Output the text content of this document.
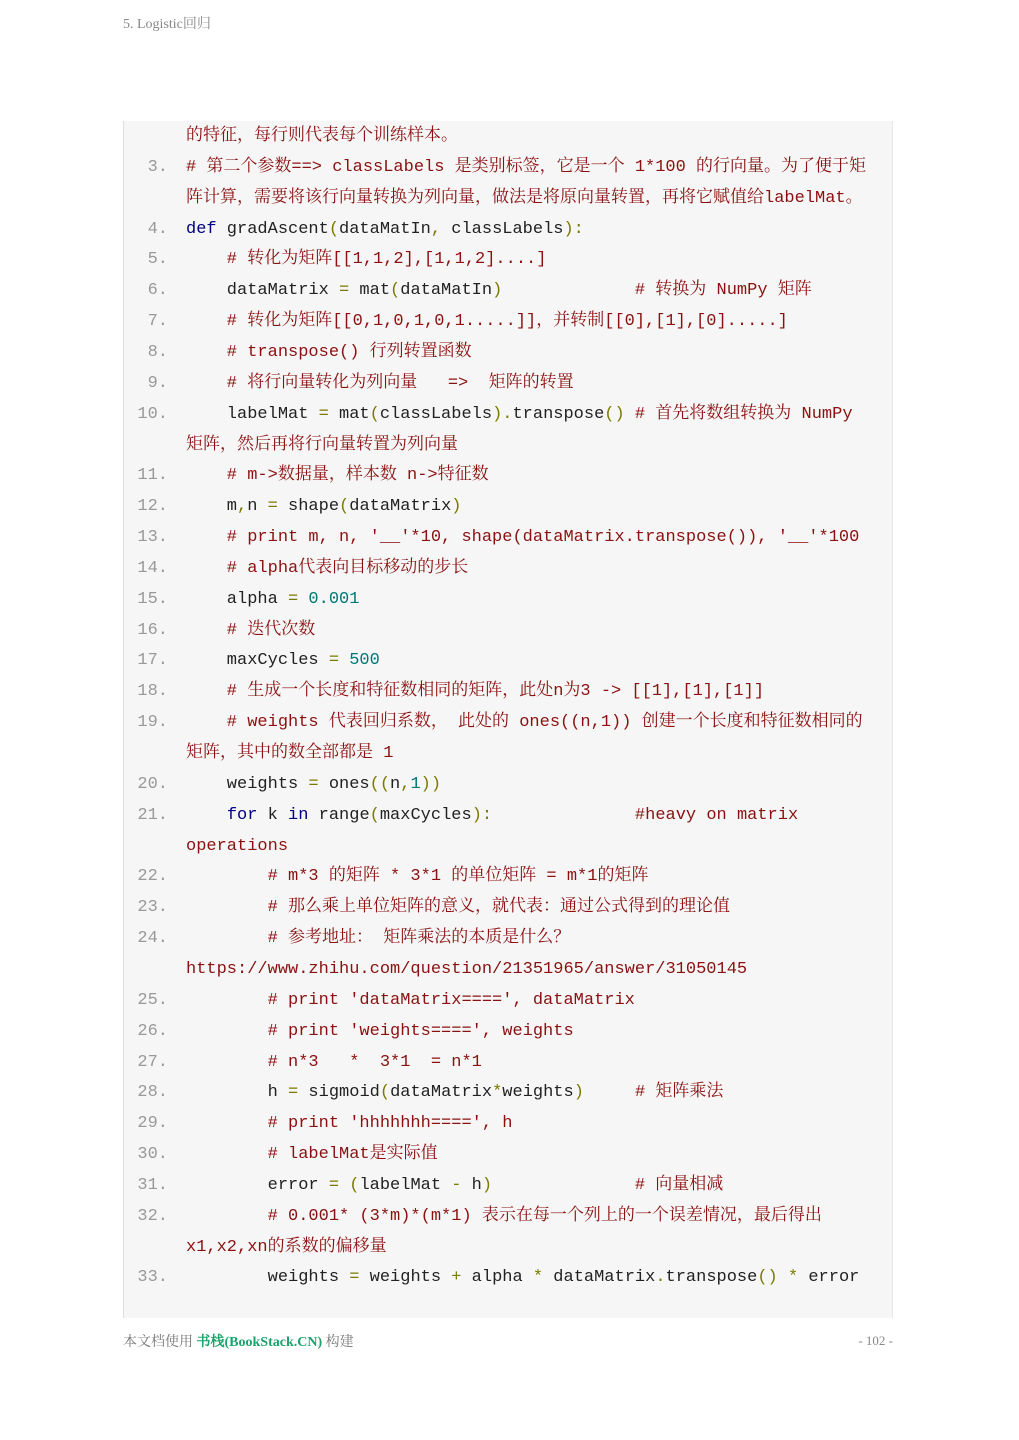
5. Logistic回归

的特征，每行则代表每个训练样本。

3. # 第二个参数==> classLabels 是类别标签，它是一个 1*100 的行向量。为了便于矩
阵计算，需要将该行向量转换为列向量，做法是将原向量转置，再将它赋值给labelMat。
4. def gradAscent(dataMatIn, classLabels):
5. # 转化为矩阵[[1,1,2],[1,1,2]....]
6. dataMatrix = mat(dataMatIn)	# 转换为 NumPy 矩阵
7. # 转化为矩阵[[0,1,0,1,0,1.....]]，并转制[[0],[1],[0].....]
8. # transpose() 行列转置函数
9. # 将行向量转化为列向量   =>  矩阵的转置
10. labelMat = mat(classLabels).transpose() # 首先将数组转换为 NumPy
矩阵，然后再将行向量转置为列向量
11. # m->数据量，样本数 n->特征数
12. m,n = shape(dataMatrix)
13. # print m, n, '__'*10, shape(dataMatrix.transpose()), '__'*100
14. # alpha代表向目标移动的步长
15. alpha = 0.001
16. # 迭代次数
17. maxCycles = 500
18. # 生成一个长度和特征数相同的矩阵，此处n为3 -> [[1],[1],[1]]
19. # weights 代表回归系数， 此处的 ones((n,1)) 创建一个长度和特征数相同的
矩阵，其中的数全部都是 1
20. weights = ones((n,1))
21.	for k in range(maxCycles):	#heavy on matrix
operations
22. # m*3 的矩阵 * 3*1 的单位矩阵 = m*1的矩阵
23. # 那么乘上单位矩阵的意义，就代表：通过公式得到的理论值
24. # 参考地址： 矩阵乘法的本质是什么？
https://www.zhihu.com/question/21351965/answer/31050145
25. # print 'dataMatrix====', dataMatrix
26. # print 'weights====', weights
27. # n*3   *  3*1  = n*1
28. h = sigmoid(dataMatrix*weights)	# 矩阵乘法
29. # print 'hhhhhhh====', h
30. # labelMat是实际值
31. error = (labelMat - h)	# 向量相减
32. # 0.001* (3*m)*(m*1) 表示在每一个列上的一个误差情况，最后得出
x1,x2,xn的系数的偏移量
33. weights = weights + alpha * dataMatrix.transpose() * error
本文档使用 书栈(BookStack.CN) 构建	- 102 -
